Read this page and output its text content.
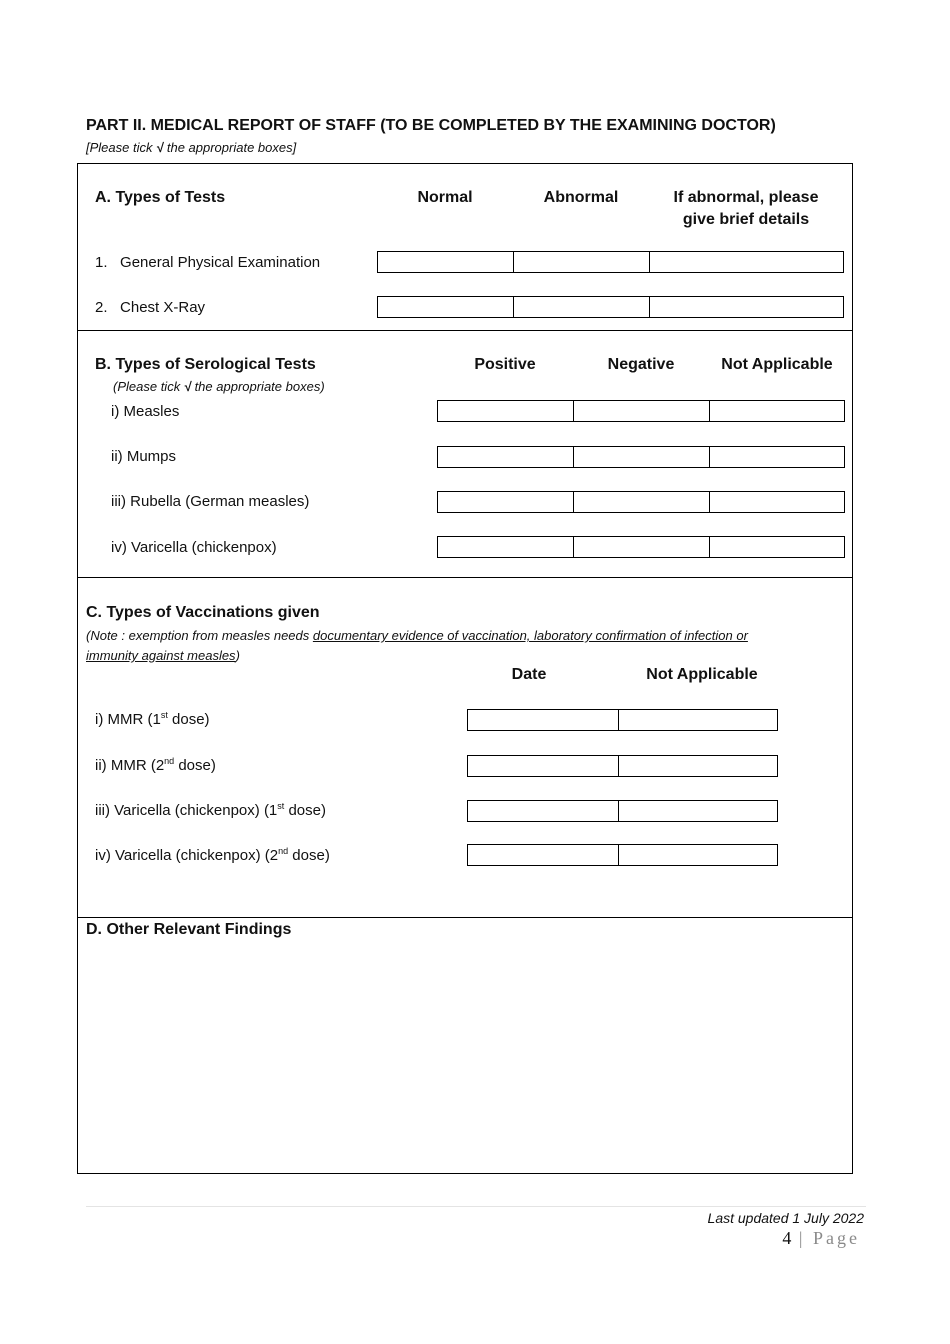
PART II. MEDICAL REPORT OF STAFF (TO BE COMPLETED BY THE EXAMINING DOCTOR)
[Please tick √ the appropriate boxes]
A. Types of Tests	Normal	Abnormal	If abnormal, please
give brief details
1. General Physical Examination
2. Chest X-Ray
B. Types of Serological Tests
(Please tick √ the appropriate boxes)
Positive	Negative	Not Applicable
i) Measles
ii) Mumps
iii) Rubella (German measles)
iv) Varicella (chickenpox)
C. Types of Vaccinations given
(Note : exemption from measles needs documentary evidence of vaccination, laboratory confirmation of infection or
immunity against measles)
Date	Not Applicable
i) MMR (1st dose)
ii) MMR (2nd dose)
iii) Varicella (chickenpox) (1st dose)
iv) Varicella (chickenpox) (2nd dose)
D. Other Relevant Findings
Last updated 1 July 2022
4 | Page
